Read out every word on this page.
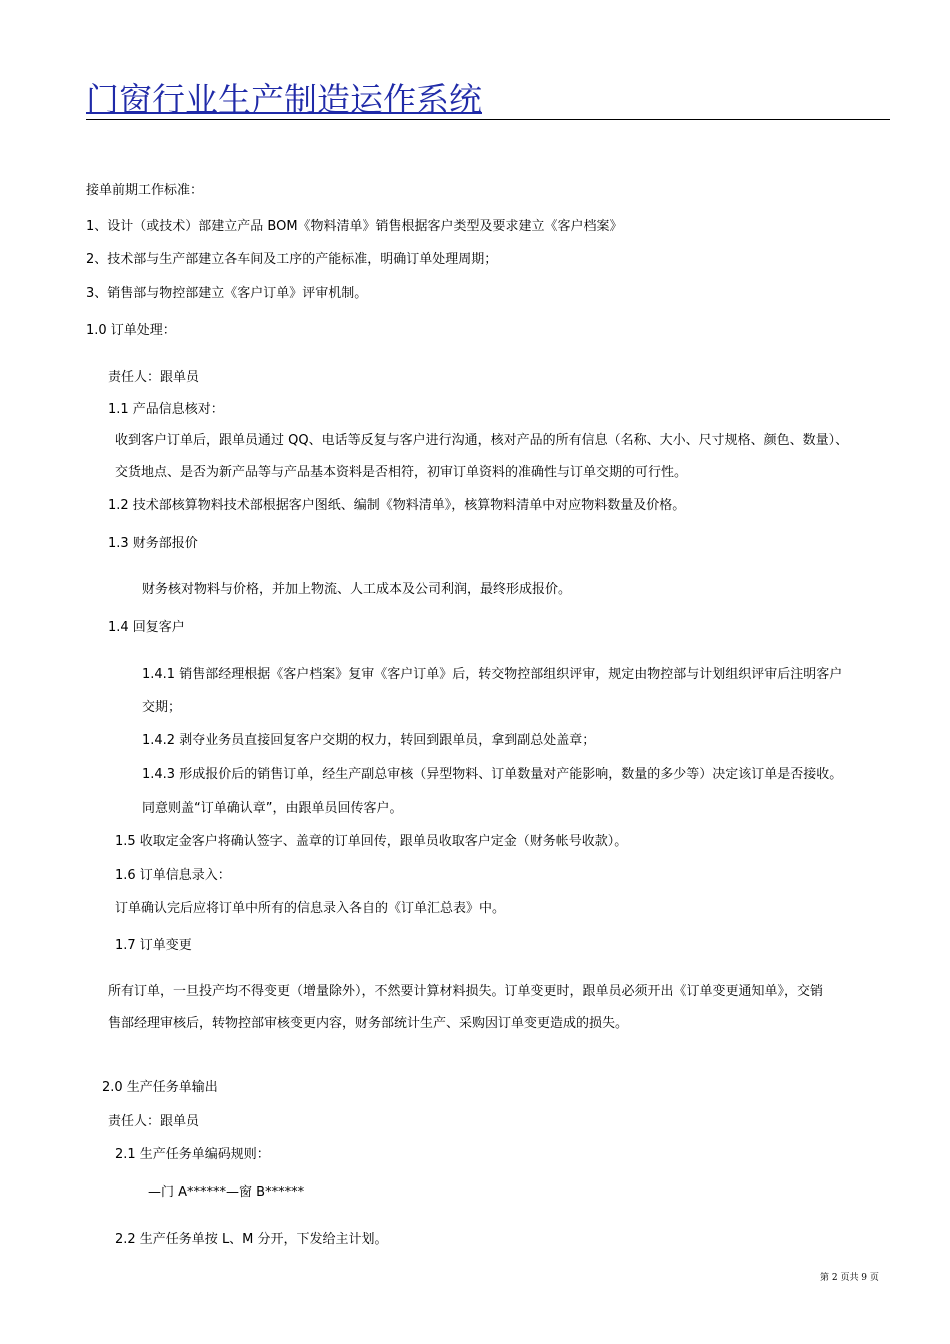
门窗行业生产制造运作系统
接单前期工作标准：
1、设计（或技术）部建立产品 BOM《物料清单》销售根据客户类型及要求建立《客户档案》
2、技术部与生产部建立各车间及工序的产能标准，明确订单处理周期；
3、销售部与物控部建立《客户订单》评审机制。
1.0 订单处理：
责任人：跟单员
1.1 产品信息核对：
收到客户订单后，跟单员通过 QQ、电话等反复与客户进行沟通，核对产品的所有信息（名称、大小、尺寸规格、颜色、数量）、
交货地点、是否为新产品等与产品基本资料是否相符，初审订单资料的准确性与订单交期的可行性。
1.2 技术部核算物料技术部根据客户图纸、编制《物料清单》，核算物料清单中对应物料数量及价格。
1.3 财务部报价
财务核对物料与价格，并加上物流、人工成本及公司利润，最终形成报价。
1.4 回复客户
1.4.1 销售部经理根据《客户档案》复审《客户订单》后，转交物控部组织评审，规定由物控部与计划组织评审后注明客户
交期；
1.4.2 剥夺业务员直接回复客户交期的权力，转回到跟单员，拿到副总处盖章；
1.4.3 形成报价后的销售订单，经生产副总审核（异型物料、订单数量对产能影响，数量的多少等）决定该订单是否接收。
同意则盖“订单确认章”，由跟单员回传客户。
1.5 收取定金客户将确认签字、盖章的订单回传，跟单员收取客户定金（财务帐号收款）。
1.6 订单信息录入：
订单确认完后应将订单中所有的信息录入各自的《订单汇总表》中。
1.7 订单变更
所有订单，一旦投产均不得变更（增量除外），不然要计算材料损失。订单变更时，跟单员必须开出《订单变更通知单》，交销
售部经理审核后，转物控部审核变更内容，财务部统计生产、采购因订单变更造成的损失。
2.0 生产任务单输出
责任人：跟单员
2.1 生产任务单编码规则：
—门 A******—窗 B******
2.2 生产任务单按 L、M 分开，下发给主计划。
第 2 页共 9 页
